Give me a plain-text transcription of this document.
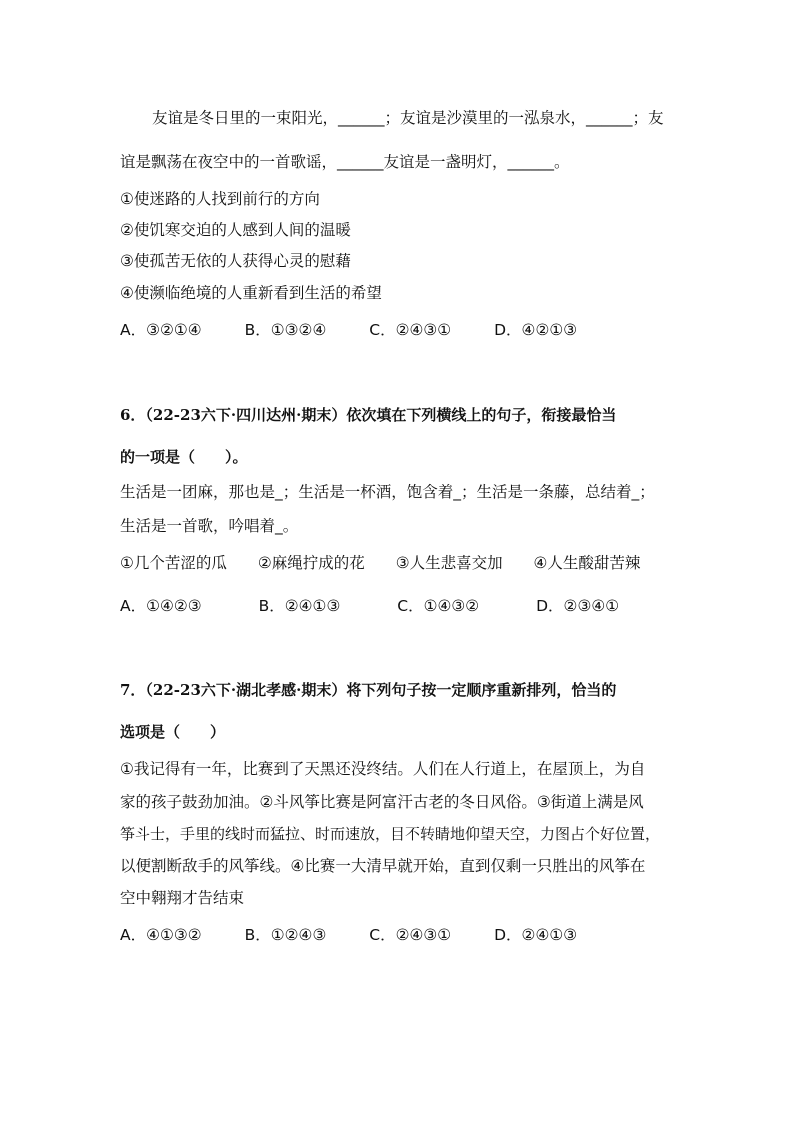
友谊是冬日里的一束阳光，______；友谊是沙漠里的一泓泉水，______；友
谊是飘荡在夜空中的一首歌谣，______友谊是一盏明灯，______。
①使迷路的人找到前行的方向
②使饥寒交迫的人感到人间的温暖
③使孤苦无依的人获得心灵的慰藉
④使濒临绝境的人重新看到生活的希望
A．③②①④	B．①③②④	C．②④③①	D．④②①③
6．（22-23六下·四川达州·期末）依次填在下列横线上的句子，衔接最恰当
的一项是（　　）。
生活是一团麻，那也是_；生活是一杯酒，饱含着_；生活是一条藤，总结着_；
生活是一首歌，吟唱着_。
①几个苦涩的瓜 ②麻绳拧成的花 ③人生悲喜交加 ④人生酸甜苦辣
A．①④②③	B．②④①③	C．①④③②	D．②③④①
7．（22-23六下·湖北孝感·期末）将下列句子按一定顺序重新排列，恰当的
选项是（　　）
①我记得有一年，比赛到了天黑还没终结。人们在人行道上，在屋顶上，为自
家的孩子鼓劲加油。②斗风筝比赛是阿富汗古老的冬日风俗。③街道上满是风
筝斗士，手里的线时而猛拉、时而速放，目不转睛地仰望天空，力图占个好位置，
以便割断敌手的风筝线。④比赛一大清早就开始，直到仅剩一只胜出的风筝在
空中翱翔才告结束
A．④①③②	B．①②④③	C．②④③①	D．②④①③
